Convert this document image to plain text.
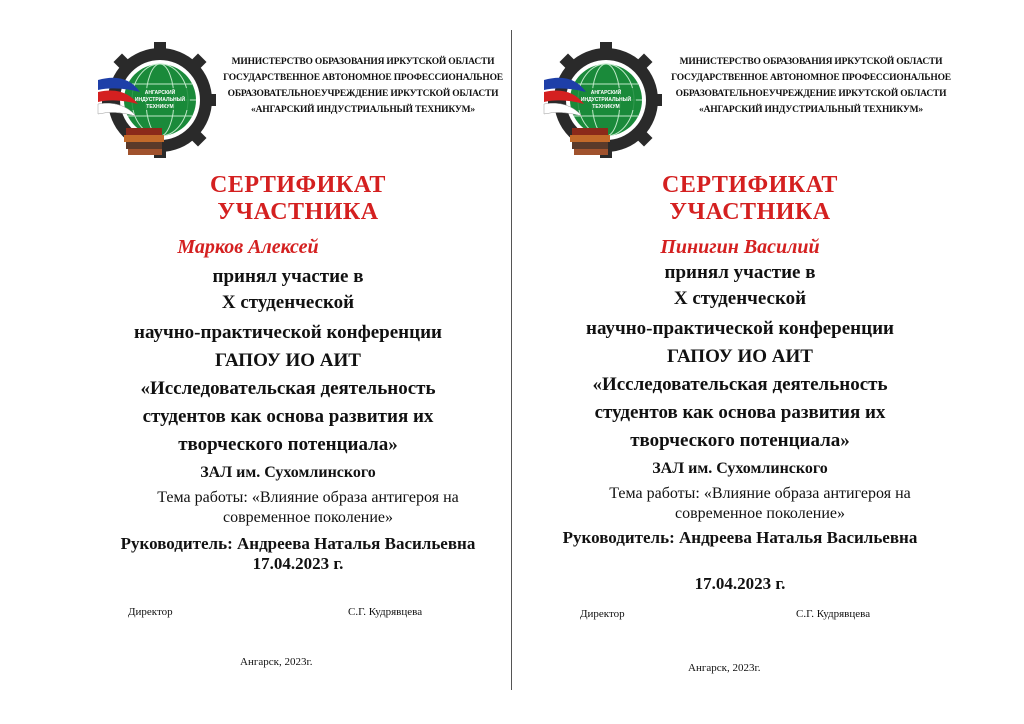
АНГАРСКИЙ
ИНДУСТРИАЛЬНЫЙ
ТЕХНИКУМ
МИНИСТЕРСТВО ОБРАЗОВАНИЯ ИРКУТСКОЙ ОБЛАСТИ
ГОСУДАРСТВЕННОЕ АВТОНОМНОЕ ПРОФЕССИОНАЛЬНОЕ
ОБРАЗОВАТЕЛЬНОЕУЧРЕЖДЕНИЕ ИРКУТСКОЙ ОБЛАСТИ
«АНГАРСКИЙ ИНДУСТРИАЛЬНЫЙ ТЕХНИКУМ»
СЕРТИФИКАТ
УЧАСТНИКА
Марков Алексей
принял участие в
X студенческой
научно-практической конференции
ГАПОУ ИО АИТ
«Исследовательская деятельность
студентов как основа развития их
творческого потенциала»
ЗАЛ им. Сухомлинского
Тема работы: «Влияние образа антигероя на
современное поколение»
Руководитель: Андреева Наталья Васильевна
17.04.2023 г.
Директор	С.Г. Кудрявцева
Ангарск, 2023г.
АНГАРСКИЙ
ИНДУСТРИАЛЬНЫЙ
ТЕХНИКУМ
МИНИСТЕРСТВО ОБРАЗОВАНИЯ ИРКУТСКОЙ ОБЛАСТИ
ГОСУДАРСТВЕННОЕ АВТОНОМНОЕ ПРОФЕССИОНАЛЬНОЕ
ОБРАЗОВАТЕЛЬНОЕУЧРЕЖДЕНИЕ ИРКУТСКОЙ ОБЛАСТИ
«АНГАРСКИЙ ИНДУСТРИАЛЬНЫЙ ТЕХНИКУМ»
СЕРТИФИКАТ
УЧАСТНИКА
Пинигин Василий
принял участие в
X студенческой
научно-практической конференции
ГАПОУ ИО АИТ
«Исследовательская деятельность
студентов как основа развития их
творческого потенциала»
ЗАЛ им. Сухомлинского
Тема работы: «Влияние образа антигероя на
современное поколение»
Руководитель: Андреева Наталья Васильевна
17.04.2023 г.
Директор	С.Г. Кудрявцева
Ангарск, 2023г.
